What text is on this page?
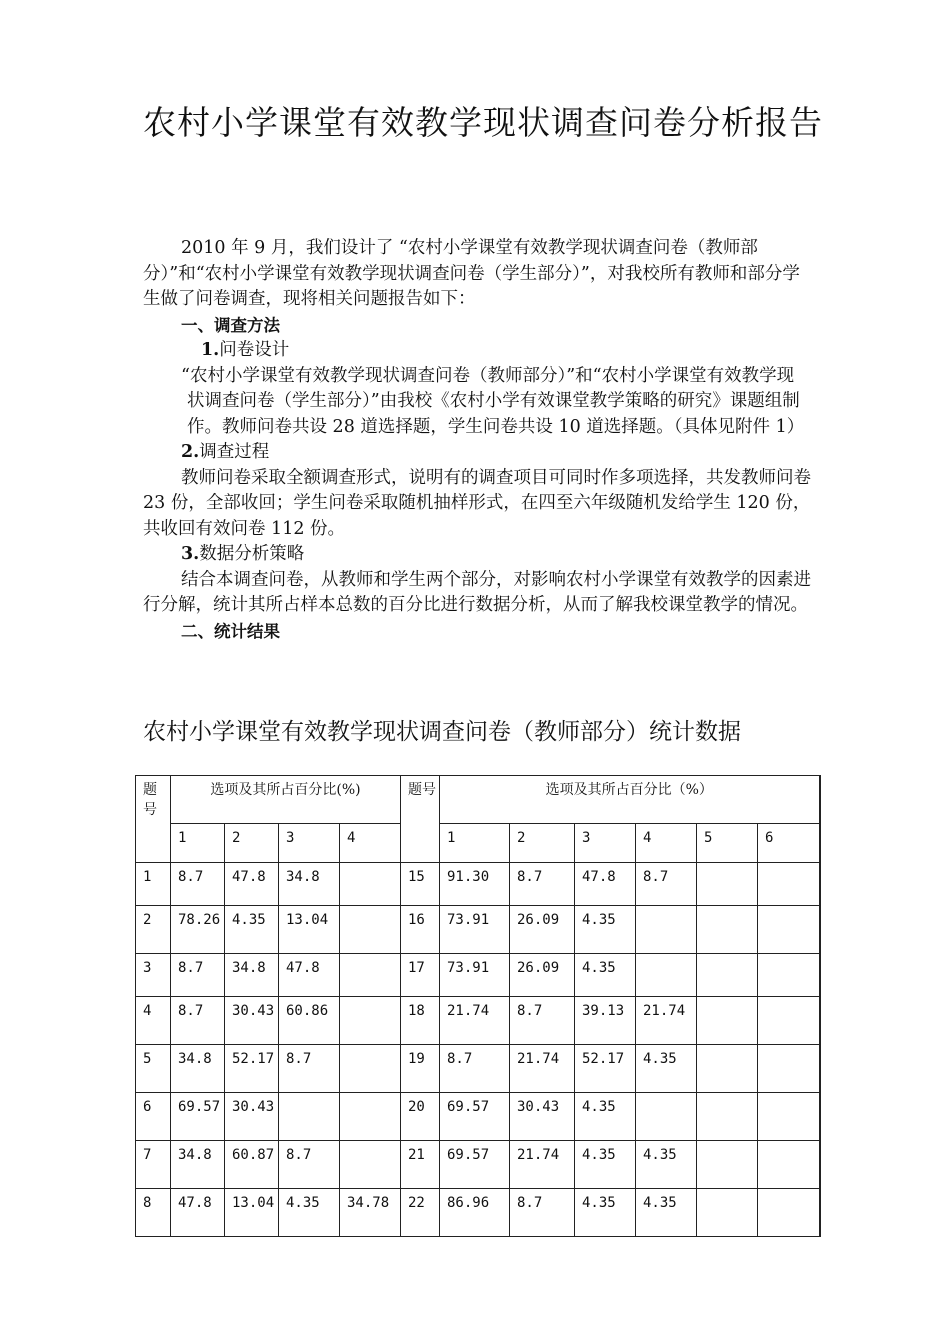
农村小学课堂有效教学现状调查问卷分析报告

2010 年 9 月，我们设计了 “农村小学课堂有效教学现状调查问卷（教师部分）”和“农村小学课堂有效教学现状调查问卷（学生部分）”，对我校所有教师和部分学生做了问卷调查，现将相关问题报告如下：

一、调查方法

1.问卷设计

“农村小学课堂有效教学现状调查问卷（教师部分）”和“农村小学课堂有效教学现状调查问卷（学生部分）”由我校《农村小学有效课堂教学策略的研究》课题组制作。教师问卷共设 28 道选择题，学生问卷共设 10 道选择题。（具体见附件 1）

2.调查过程

教师问卷采取全额调查形式，说明有的调查项目可同时作多项选择，共发教师问卷 23 份，全部收回；学生问卷采取随机抽样形式，在四至六年级随机发给学生 120 份，共收回有效问卷 112 份。

3.数据分析策略

结合本调查问卷，从教师和学生两个部分，对影响农村小学课堂有效教学的因素进行分解，统计其所占样本总数的百分比进行数据分析，从而了解我校课堂教学的情况。

二、统计结果

农村小学课堂有效教学现状调查问卷（教师部分）统计数据
题号	选项及其所占百分比(%)				题号	选项及其所占百分比（%）					
	1	2	3	4		1	2	3	4	5	6
1	8.7	47.8	34.8		15	91.30	8.7	47.8	8.7		
2	78.26	4.35	13.04		16	73.91	26.09	4.35			
3	8.7	34.8	47.8		17	73.91	26.09	4.35			
4	8.7	30.43	60.86		18	21.74	8.7	39.13	21.74		
5	34.8	52.17	8.7		19	8.7	21.74	52.17	4.35		
6	69.57	30.43			20	69.57	30.43	4.35			
7	34.8	60.87	8.7		21	69.57	21.74	4.35	4.35		
8	47.8	13.04	4.35	34.78	22	86.96	8.7	4.35	4.35		
